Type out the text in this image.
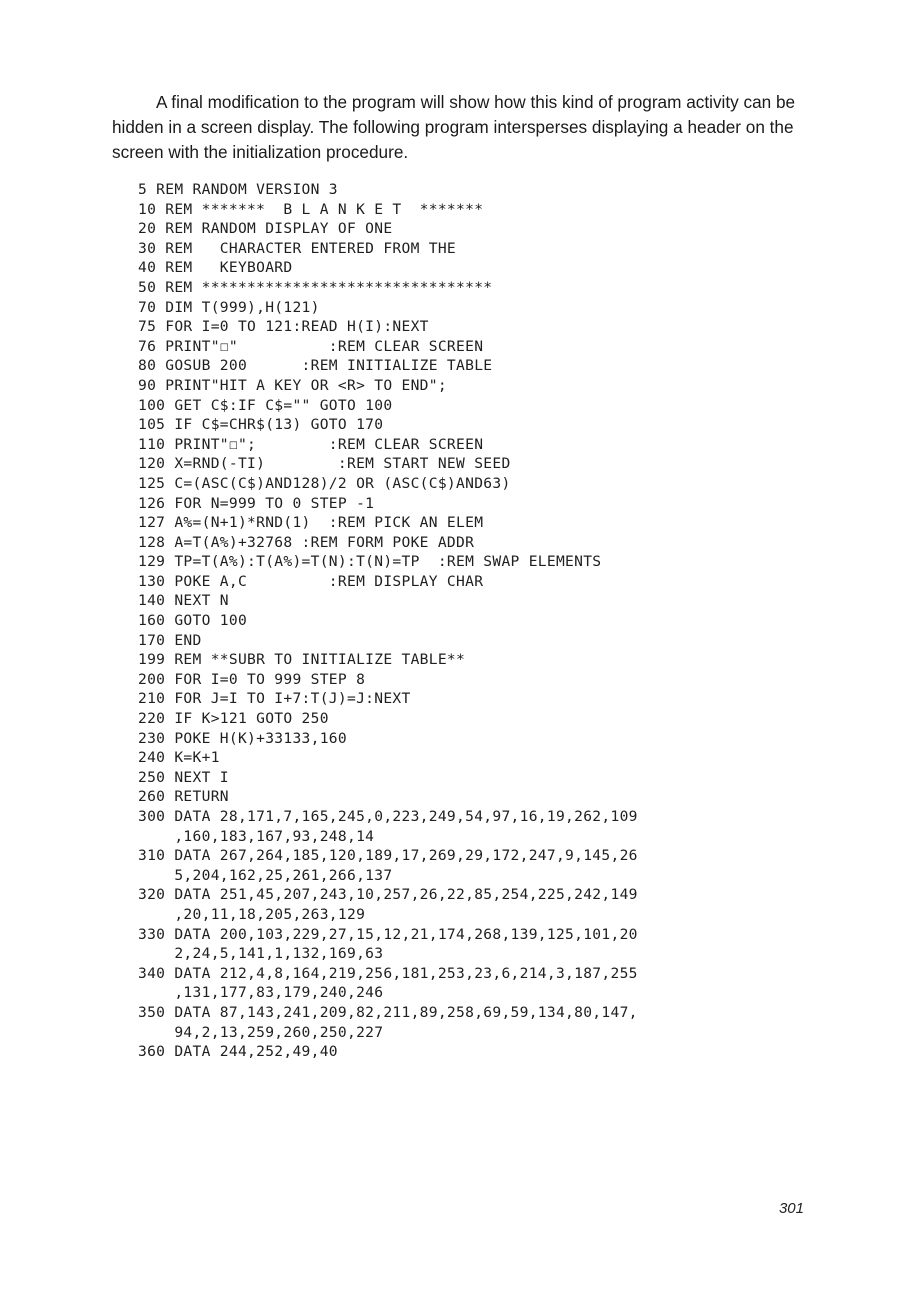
A final modification to the program will show how this kind of program activity can be hidden in a screen display. The following program intersperses displaying a header on the screen with the initialization procedure.

5 REM RANDOM VERSION 3
10 REM *******  B L A N K E T  *******
20 REM RANDOM DISPLAY OF ONE
30 REM   CHARACTER ENTERED FROM THE
40 REM   KEYBOARD
50 REM ********************************
70 DIM T(999),H(121)
75 FOR I=0 TO 121:READ H(I):NEXT
76 PRINT"☐"          :REM CLEAR SCREEN
80 GOSUB 200      :REM INITIALIZE TABLE
90 PRINT"HIT A KEY OR <R> TO END";
100 GET C$:IF C$="" GOTO 100
105 IF C$=CHR$(13) GOTO 170
110 PRINT"☐";        :REM CLEAR SCREEN
120 X=RND(-TI)        :REM START NEW SEED
125 C=(ASC(C$)AND128)/2 OR (ASC(C$)AND63)
126 FOR N=999 TO 0 STEP -1
127 A%=(N+1)*RND(1)  :REM PICK AN ELEM
128 A=T(A%)+32768 :REM FORM POKE ADDR
129 TP=T(A%):T(A%)=T(N):T(N)=TP  :REM SWAP ELEMENTS
130 POKE A,C         :REM DISPLAY CHAR
140 NEXT N
160 GOTO 100
170 END
199 REM **SUBR TO INITIALIZE TABLE**
200 FOR I=0 TO 999 STEP 8
210 FOR J=I TO I+7:T(J)=J:NEXT
220 IF K>121 GOTO 250
230 POKE H(K)+33133,160
240 K=K+1
250 NEXT I
260 RETURN
300 DATA 28,171,7,165,245,0,223,249,54,97,16,19,262,109
,160,183,167,93,248,14
310 DATA 267,264,185,120,189,17,269,29,172,247,9,145,26
5,204,162,25,261,266,137
320 DATA 251,45,207,243,10,257,26,22,85,254,225,242,149
,20,11,18,205,263,129
330 DATA 200,103,229,27,15,12,21,174,268,139,125,101,20
2,24,5,141,1,132,169,63
340 DATA 212,4,8,164,219,256,181,253,23,6,214,3,187,255
,131,177,83,179,240,246
350 DATA 87,143,241,209,82,211,89,258,69,59,134,80,147,
94,2,13,259,260,250,227
360 DATA 244,252,49,40
301
